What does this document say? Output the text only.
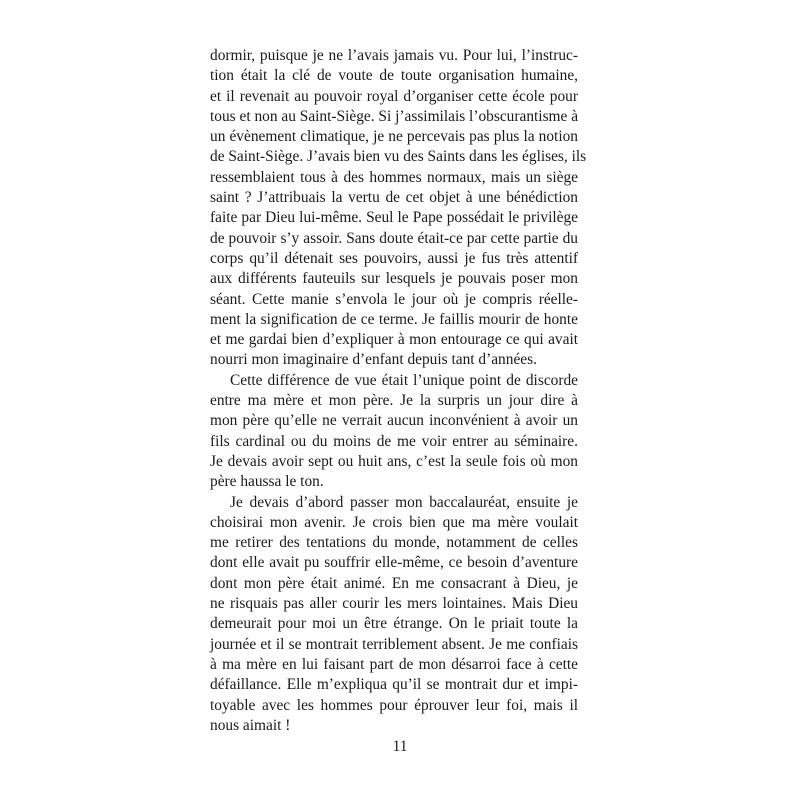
dormir, puisque je ne l’avais jamais vu. Pour lui, l’instruc-
tion était la clé de voute de toute organisation humaine,
et il revenait au pouvoir royal d’organiser cette école pour
tous et non au Saint-Siège. Si j’assimilais l’obscurantisme à
un évènement climatique, je ne percevais pas plus la notion
de Saint-Siège. J’avais bien vu des Saints dans les églises, ils
ressemblaient tous à des hommes normaux, mais un siège
saint ? J’attribuais la vertu de cet objet à une bénédiction
faite par Dieu lui-même. Seul le Pape possédait le privilège
de pouvoir s’y assoir. Sans doute était-ce par cette partie du
corps qu’il détenait ses pouvoirs, aussi je fus très attentif
aux différents fauteuils sur lesquels je pouvais poser mon
séant. Cette manie s’envola le jour où je compris réelle-
ment la signification de ce terme. Je faillis mourir de honte
et me gardai bien d’expliquer à mon entourage ce qui avait
nourri mon imaginaire d’enfant depuis tant d’années.
Cette différence de vue était l’unique point de discorde
entre ma mère et mon père. Je la surpris un jour dire à
mon père qu’elle ne verrait aucun inconvénient à avoir un
fils cardinal ou du moins de me voir entrer au séminaire.
Je devais avoir sept ou huit ans, c’est la seule fois où mon
père haussa le ton.
Je devais d’abord passer mon baccalauréat, ensuite je
choisirai mon avenir. Je crois bien que ma mère voulait
me retirer des tentations du monde, notamment de celles
dont elle avait pu souffrir elle-même, ce besoin d’aventure
dont mon père était animé. En me consacrant à Dieu, je
ne risquais pas aller courir les mers lointaines. Mais Dieu
demeurait pour moi un être étrange. On le priait toute la
journée et il se montrait terriblement absent. Je me confiais
à ma mère en lui faisant part de mon désarroi face à cette
défaillance. Elle m’expliqua qu’il se montrait dur et impi-
toyable avec les hommes pour éprouver leur foi, mais il
nous aimait !
11
